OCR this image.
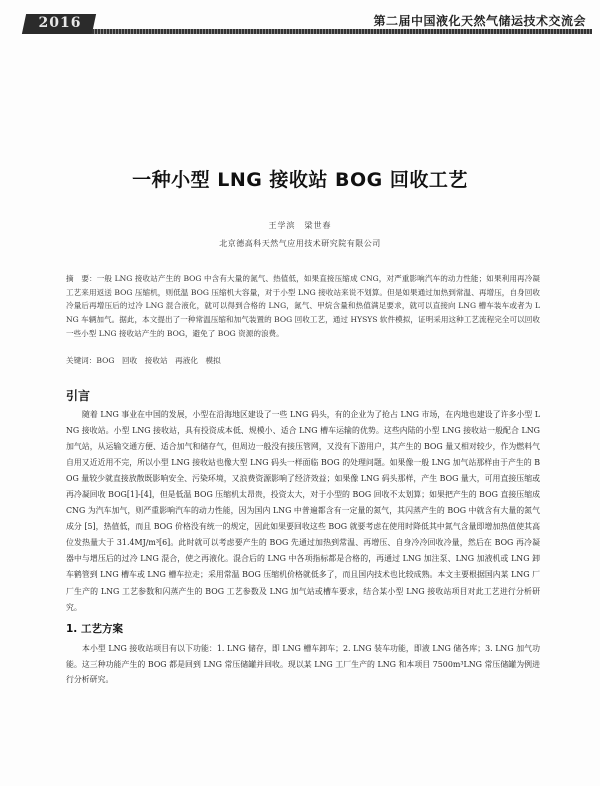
2016	第二届中国液化天然气储运技术交流会
一种小型 LNG 接收站 BOG 回收工艺
王学滨　梁世春
北京德高科天然气应用技术研究院有限公司
摘　要：一般 LNG 接收站产生的 BOG 中含有大量的氮气、热值低，如果直接压缩成 CNG，对严重影响汽车的动力性能；如果利用再冷凝工艺来用返送 BOG 压缩机，则低温 BOG 压缩机大容量，对于小型 LNG 接收站来说不划算。但是如果通过加热到常温、再增压，自身回收冷量后再增压后的过冷 LNG 混合液化，就可以得到合格的 LNG，氮气、甲烷含量和热值满足要求，就可以直接向 LNG 槽车装车或者为 LNG 车辆加气。据此，本文提出了一种常温压缩和加气装置的 BOG 回收工艺，通过 HYSYS 软件模拟，证明采用这种工艺流程完全可以回收一些小型 LNG 接收站产生的 BOG，避免了 BOG 资源的浪费。
关键词：BOG　回收　接收站　再液化　模拟
引言
随着 LNG 事业在中国的发展，小型在沿海地区建设了一些 LNG 码头，有的企业为了抢占 LNG 市场，在内地也建设了许多小型 LNG 接收站。小型 LNG 接收站，具有投资成本低、规模小、适合 LNG 槽车运输的优势。这些内陆的小型 LNG 接收站一般配合 LNG 加气站，从运输交通方便、适合加气和储存气，但周边一般没有接压管网，又没有下游用户，其产生的 BOG 量又相对较少，作为燃料气自用又近近用不完，所以小型 LNG 接收站也像大型 LNG 码头一样面临 BOG 的处理问题。如果像一般 LNG 加气站那样由于产生的 BOG 量较少就直接放散既影响安全、污染环境，又浪费资源影响了经济效益；如果像 LNG 码头那样，产生 BOG 量大，可用直接压缩或再冷凝回收 BOG[1]-[4]，但是低温 BOG 压缩机太昂贵，投资太大，对于小型的 BOG 回收不太划算；如果把产生的 BOG 直接压缩成 CNG 为汽车加气，则严重影响汽车的动力性能，因为国内 LNG 中普遍都含有一定量的氮气，其闪蒸产生的 BOG 中就含有大量的氮气成分 [5]，热值低，而且 BOG 价格没有统一的规定，因此如果要回收这些 BOG 就要考虑在使用时降低其中氮气含量即增加热值使其高位发热量大于 31.4MJ/m³[6]。此时就可以考虑要产生的 BOG 先通过加热到常温、再增压、自身冷冷回收冷量，然后在 BOG 再冷凝器中与增压后的过冷 LNG 混合，使之再液化。混合后的 LNG 中各项指标都是合格的，再通过 LNG 加注泵、LNG 加液机或 LNG 卸车鹤管到 LNG 槽车或 LNG 槽车拉走；采用常温 BOG 压缩机价格就低多了，而且国内技术也比较成熟。本文主要根据国内某 LNG 厂厂生产的 LNG 工艺参数和闪蒸产生的 BOG 工艺参数及 LNG 加气站或槽车要求，结合某小型 LNG 接收站项目对此工艺进行分析研究。
1. 工艺方案
本小型 LNG 接收站项目有以下功能：1. LNG 储存，即 LNG 槽车卸车；2. LNG 装车功能，即液 LNG 储各库；3. LNG 加气功能。这三种功能产生的 BOG 都是回到 LNG 常压储罐并回收。现以某 LNG 工厂生产的 LNG 和本项目 7500m³LNG 常压储罐为例进行分析研究。
